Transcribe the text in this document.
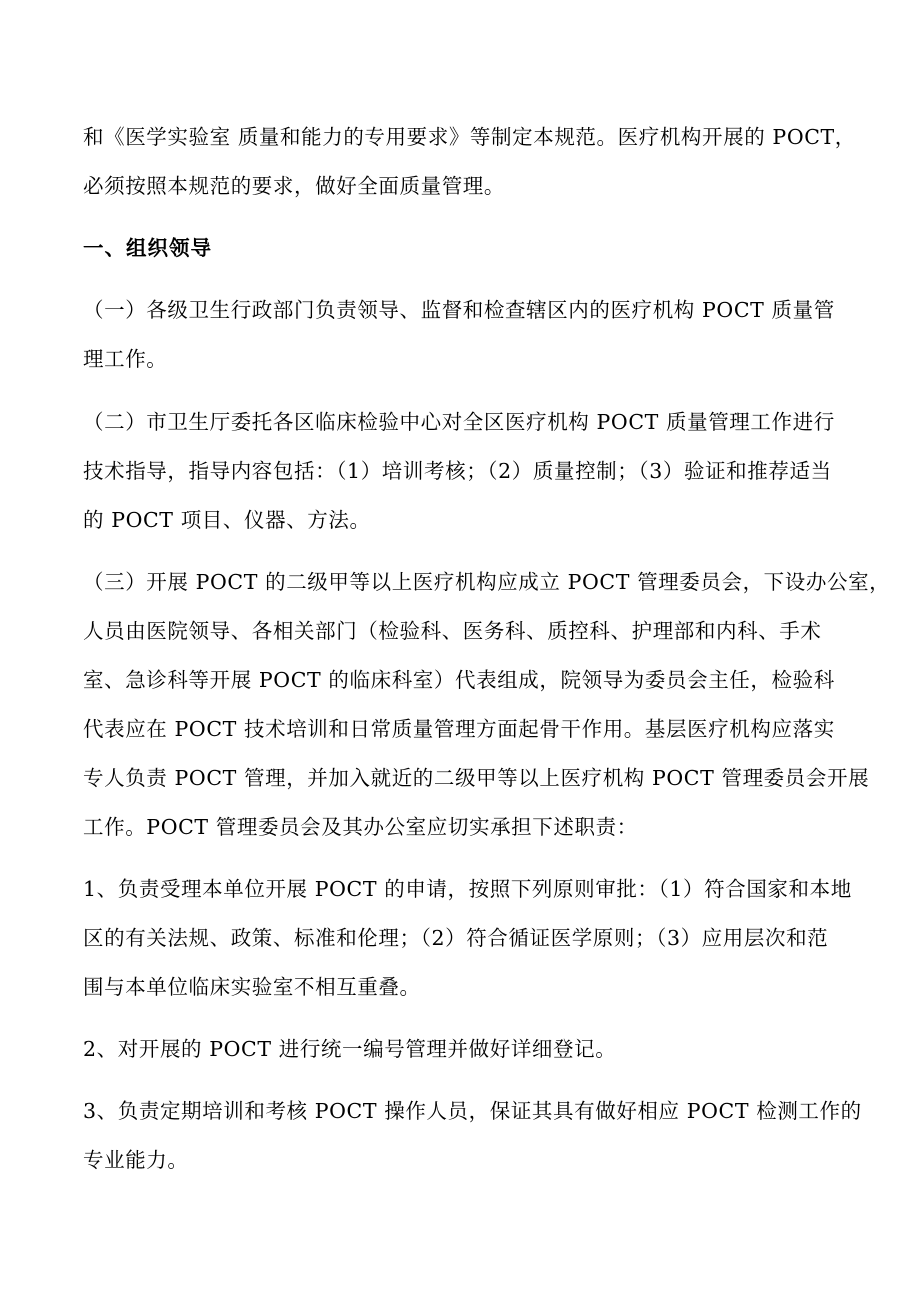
和《医学实验室 质量和能力的专用要求》等制定本规范。医疗机构开展的 POCT，

必须按照本规范的要求，做好全面质量管理。

一、组织领导

（一）各级卫生行政部门负责领导、监督和检查辖区内的医疗机构 POCT 质量管

理工作。

（二）市卫生厅委托各区临床检验中心对全区医疗机构 POCT 质量管理工作进行

技术指导，指导内容包括：（1）培训考核；（2）质量控制；（3）验证和推荐适当

的 POCT 项目、仪器、方法。

（三）开展 POCT 的二级甲等以上医疗机构应成立 POCT 管理委员会，下设办公室，

人员由医院领导、各相关部门（检验科、医务科、质控科、护理部和内科、手术

室、急诊科等开展 POCT 的临床科室）代表组成，院领导为委员会主任，检验科

代表应在 POCT 技术培训和日常质量管理方面起骨干作用。基层医疗机构应落实

专人负责 POCT 管理，并加入就近的二级甲等以上医疗机构 POCT 管理委员会开展

工作。POCT 管理委员会及其办公室应切实承担下述职责：

1、负责受理本单位开展 POCT 的申请，按照下列原则审批：（1）符合国家和本地

区的有关法规、政策、标准和伦理；（2）符合循证医学原则；（3）应用层次和范

围与本单位临床实验室不相互重叠。

2、对开展的 POCT 进行统一编号管理并做好详细登记。

3、负责定期培训和考核 POCT 操作人员，保证其具有做好相应 POCT 检测工作的

专业能力。
